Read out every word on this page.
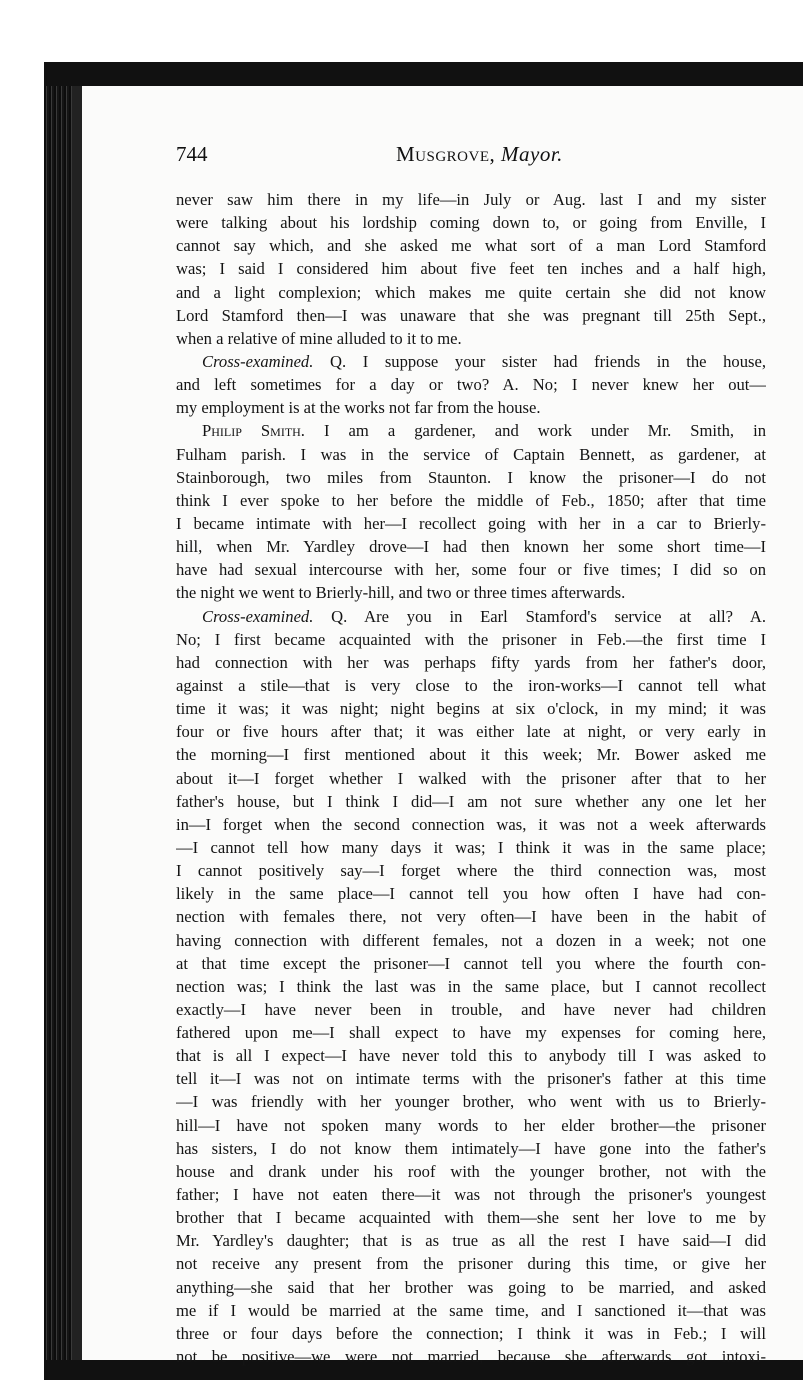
744	Musgrove, Mayor.
never saw him there in my life—in July or Aug. last I and my sister
were talking about his lordship coming down to, or going from Enville, I
cannot say which, and she asked me what sort of a man Lord Stamford
was; I said I considered him about five feet ten inches and a half high,
and a light complexion; which makes me quite certain she did not know
Lord Stamford then—I was unaware that she was pregnant till 25th Sept.,
when a relative of mine alluded to it to me.
Cross-examined. Q. I suppose your sister had friends in the house,
and left sometimes for a day or two? A. No; I never knew her out—
my employment is at the works not far from the house.
Philip Smith. I am a gardener, and work under Mr. Smith, in
Fulham parish. I was in the service of Captain Bennett, as gardener, at
Stainborough, two miles from Staunton. I know the prisoner—I do not
think I ever spoke to her before the middle of Feb., 1850; after that time
I became intimate with her—I recollect going with her in a car to Brierly-
hill, when Mr. Yardley drove—I had then known her some short time—I
have had sexual intercourse with her, some four or five times; I did so on
the night we went to Brierly-hill, and two or three times afterwards.
Cross-examined. Q. Are you in Earl Stamford's service at all? A.
No; I first became acquainted with the prisoner in Feb.—the first time I
had connection with her was perhaps fifty yards from her father's door,
against a stile—that is very close to the iron-works—I cannot tell what
time it was; it was night; night begins at six o'clock, in my mind; it was
four or five hours after that; it was either late at night, or very early in
the morning—I first mentioned about it this week; Mr. Bower asked me
about it—I forget whether I walked with the prisoner after that to her
father's house, but I think I did—I am not sure whether any one let her
in—I forget when the second connection was, it was not a week afterwards
—I cannot tell how many days it was; I think it was in the same place;
I cannot positively say—I forget where the third connection was, most
likely in the same place—I cannot tell you how often I have had con-
nection with females there, not very often—I have been in the habit of
having connection with different females, not a dozen in a week; not one
at that time except the prisoner—I cannot tell you where the fourth con-
nection was; I think the last was in the same place, but I cannot recollect
exactly—I have never been in trouble, and have never had children
fathered upon me—I shall expect to have my expenses for coming here,
that is all I expect—I have never told this to anybody till I was asked to
tell it—I was not on intimate terms with the prisoner's father at this time
—I was friendly with her younger brother, who went with us to Brierly-
hill—I have not spoken many words to her elder brother—the prisoner
has sisters, I do not know them intimately—I have gone into the father's
house and drank under his roof with the younger brother, not with the
father; I have not eaten there—it was not through the prisoner's youngest
brother that I became acquainted with them—she sent her love to me by
Mr. Yardley's daughter; that is as true as all the rest I have said—I did
not receive any present from the prisoner during this time, or give her
anything—she said that her brother was going to be married, and asked
me if I would be married at the same time, and I sanctioned it—that was
three or four days before the connection; I think it was in Feb.; I will
not be positive—we were not married, because she afterwards got intoxi-
